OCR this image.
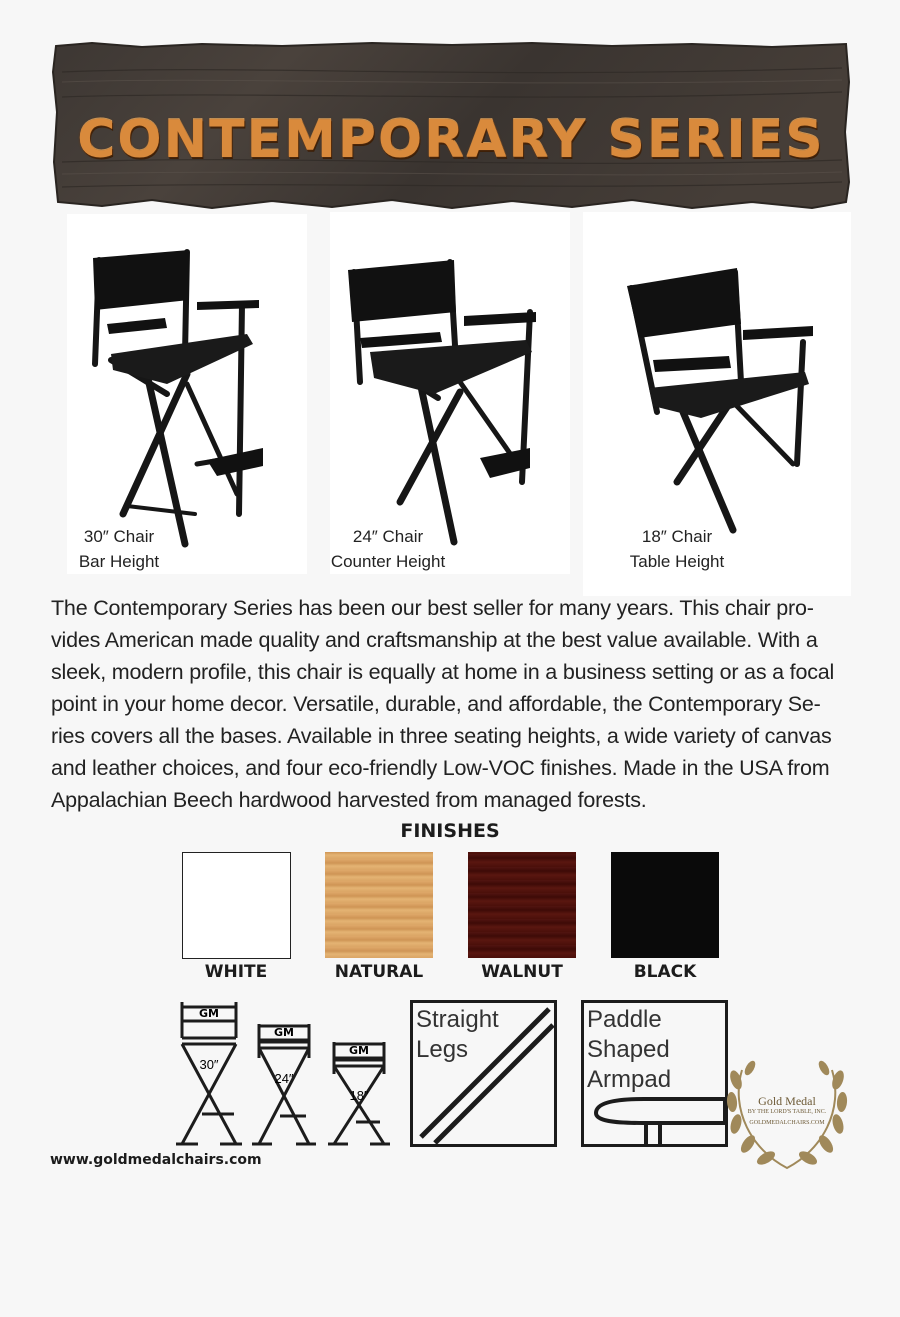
CONTEMPORARY SERIES
30″ Chair
Bar Height
24″ Chair
Counter Height
18″ Chair
Table Height
The Contemporary Series has been our best seller for many years. This chair pro-vides American made quality and craftsmanship at the best value available. With a sleek, modern profile, this chair is equally at home in a business setting or as a focal point in your home decor. Versatile, durable, and affordable, the Contemporary Se-ries covers all the bases. Available in three seating heights, a wide variety of canvas and leather choices, and four eco-friendly Low-VOC finishes. Made in the USA from Appalachian Beech hardwood harvested from managed forests.
FINISHES
WHITE	NATURAL	WALNUT	BLACK
GM
30″
GM
24″
GM
18″
Straight
Legs
Paddle
Shaped
Armpad
Gold Medal
BY THE LORD'S TABLE, INC.
GOLDMEDALCHAIRS.COM
www.goldmedalchairs.com
